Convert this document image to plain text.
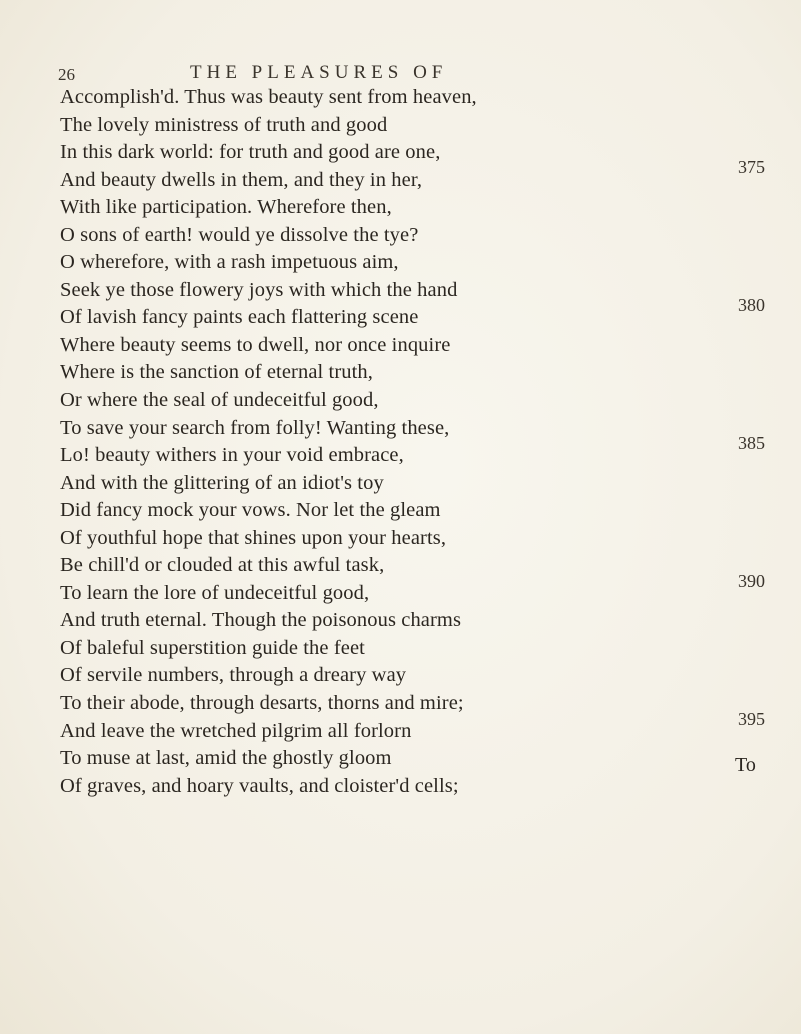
26	THE PLEASURES OF
Accomplish'd. Thus was beauty sent from heaven,
The lovely ministress of truth and good
In this dark world: for truth and good are one,
And beauty dwells in them, and they in her,
With like participation. Wherefore then,
O sons of earth! would ye dissolve the tye?
O wherefore, with a rash impetuous aim,
Seek ye those flowery joys with which the hand
Of lavish fancy paints each flattering scene
Where beauty seems to dwell, nor once inquire
Where is the sanction of eternal truth,
Or where the seal of undeceitful good,
To save your search from folly! Wanting these,
Lo! beauty withers in your void embrace,
And with the glittering of an idiot's toy
Did fancy mock your vows. Nor let the gleam
Of youthful hope that shines upon your hearts,
Be chill'd or clouded at this awful task,
To learn the lore of undeceitful good,
And truth eternal. Though the poisonous charms
Of baleful superstition guide the feet
Of servile numbers, through a dreary way
To their abode, through desarts, thorns and mire;
And leave the wretched pilgrim all forlorn
To muse at last, amid the ghostly gloom
Of graves, and hoary vaults, and cloister'd cells;
375
380
385
390
395
To
